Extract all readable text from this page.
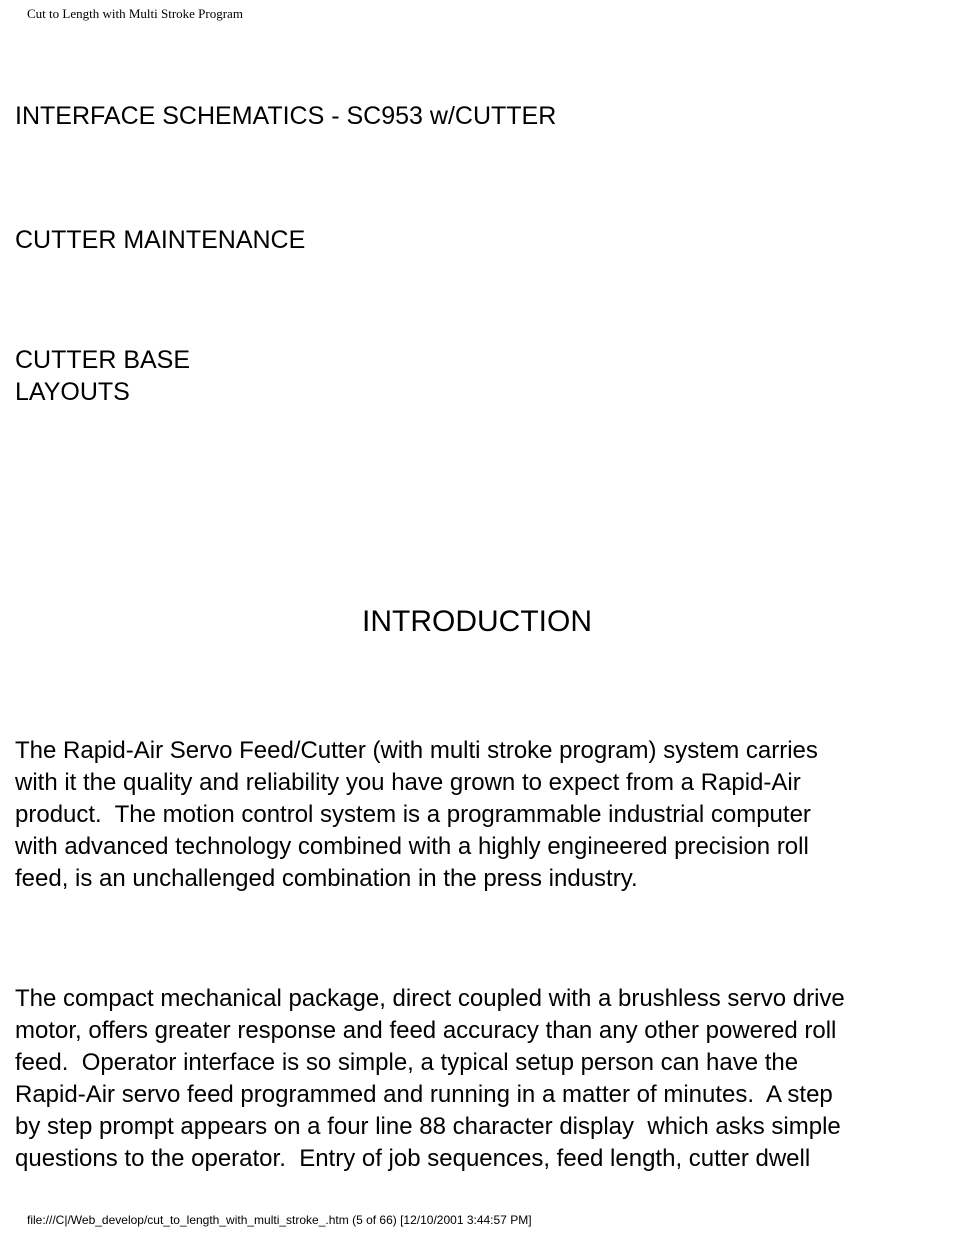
Cut to Length with Multi Stroke Program
INTERFACE SCHEMATICS - SC953 w/CUTTER
CUTTER MAINTENANCE
CUTTER BASE
LAYOUTS
INTRODUCTION
The Rapid-Air Servo Feed/Cutter (with multi stroke program) system carries
with it the quality and reliability you have grown to expect from a Rapid-Air
product.  The motion control system is a programmable industrial computer
with advanced technology combined with a highly engineered precision roll
feed, is an unchallenged combination in the press industry.
The compact mechanical package, direct coupled with a brushless servo drive
motor, offers greater response and feed accuracy than any other powered roll
feed.  Operator interface is so simple, a typical setup person can have the
Rapid-Air servo feed programmed and running in a matter of minutes.  A step
by step prompt appears on a four line 88 character display  which asks simple
questions to the operator.  Entry of job sequences, feed length, cutter dwell
file:///C|/Web_develop/cut_to_length_with_multi_stroke_.htm (5 of 66) [12/10/2001 3:44:57 PM]
